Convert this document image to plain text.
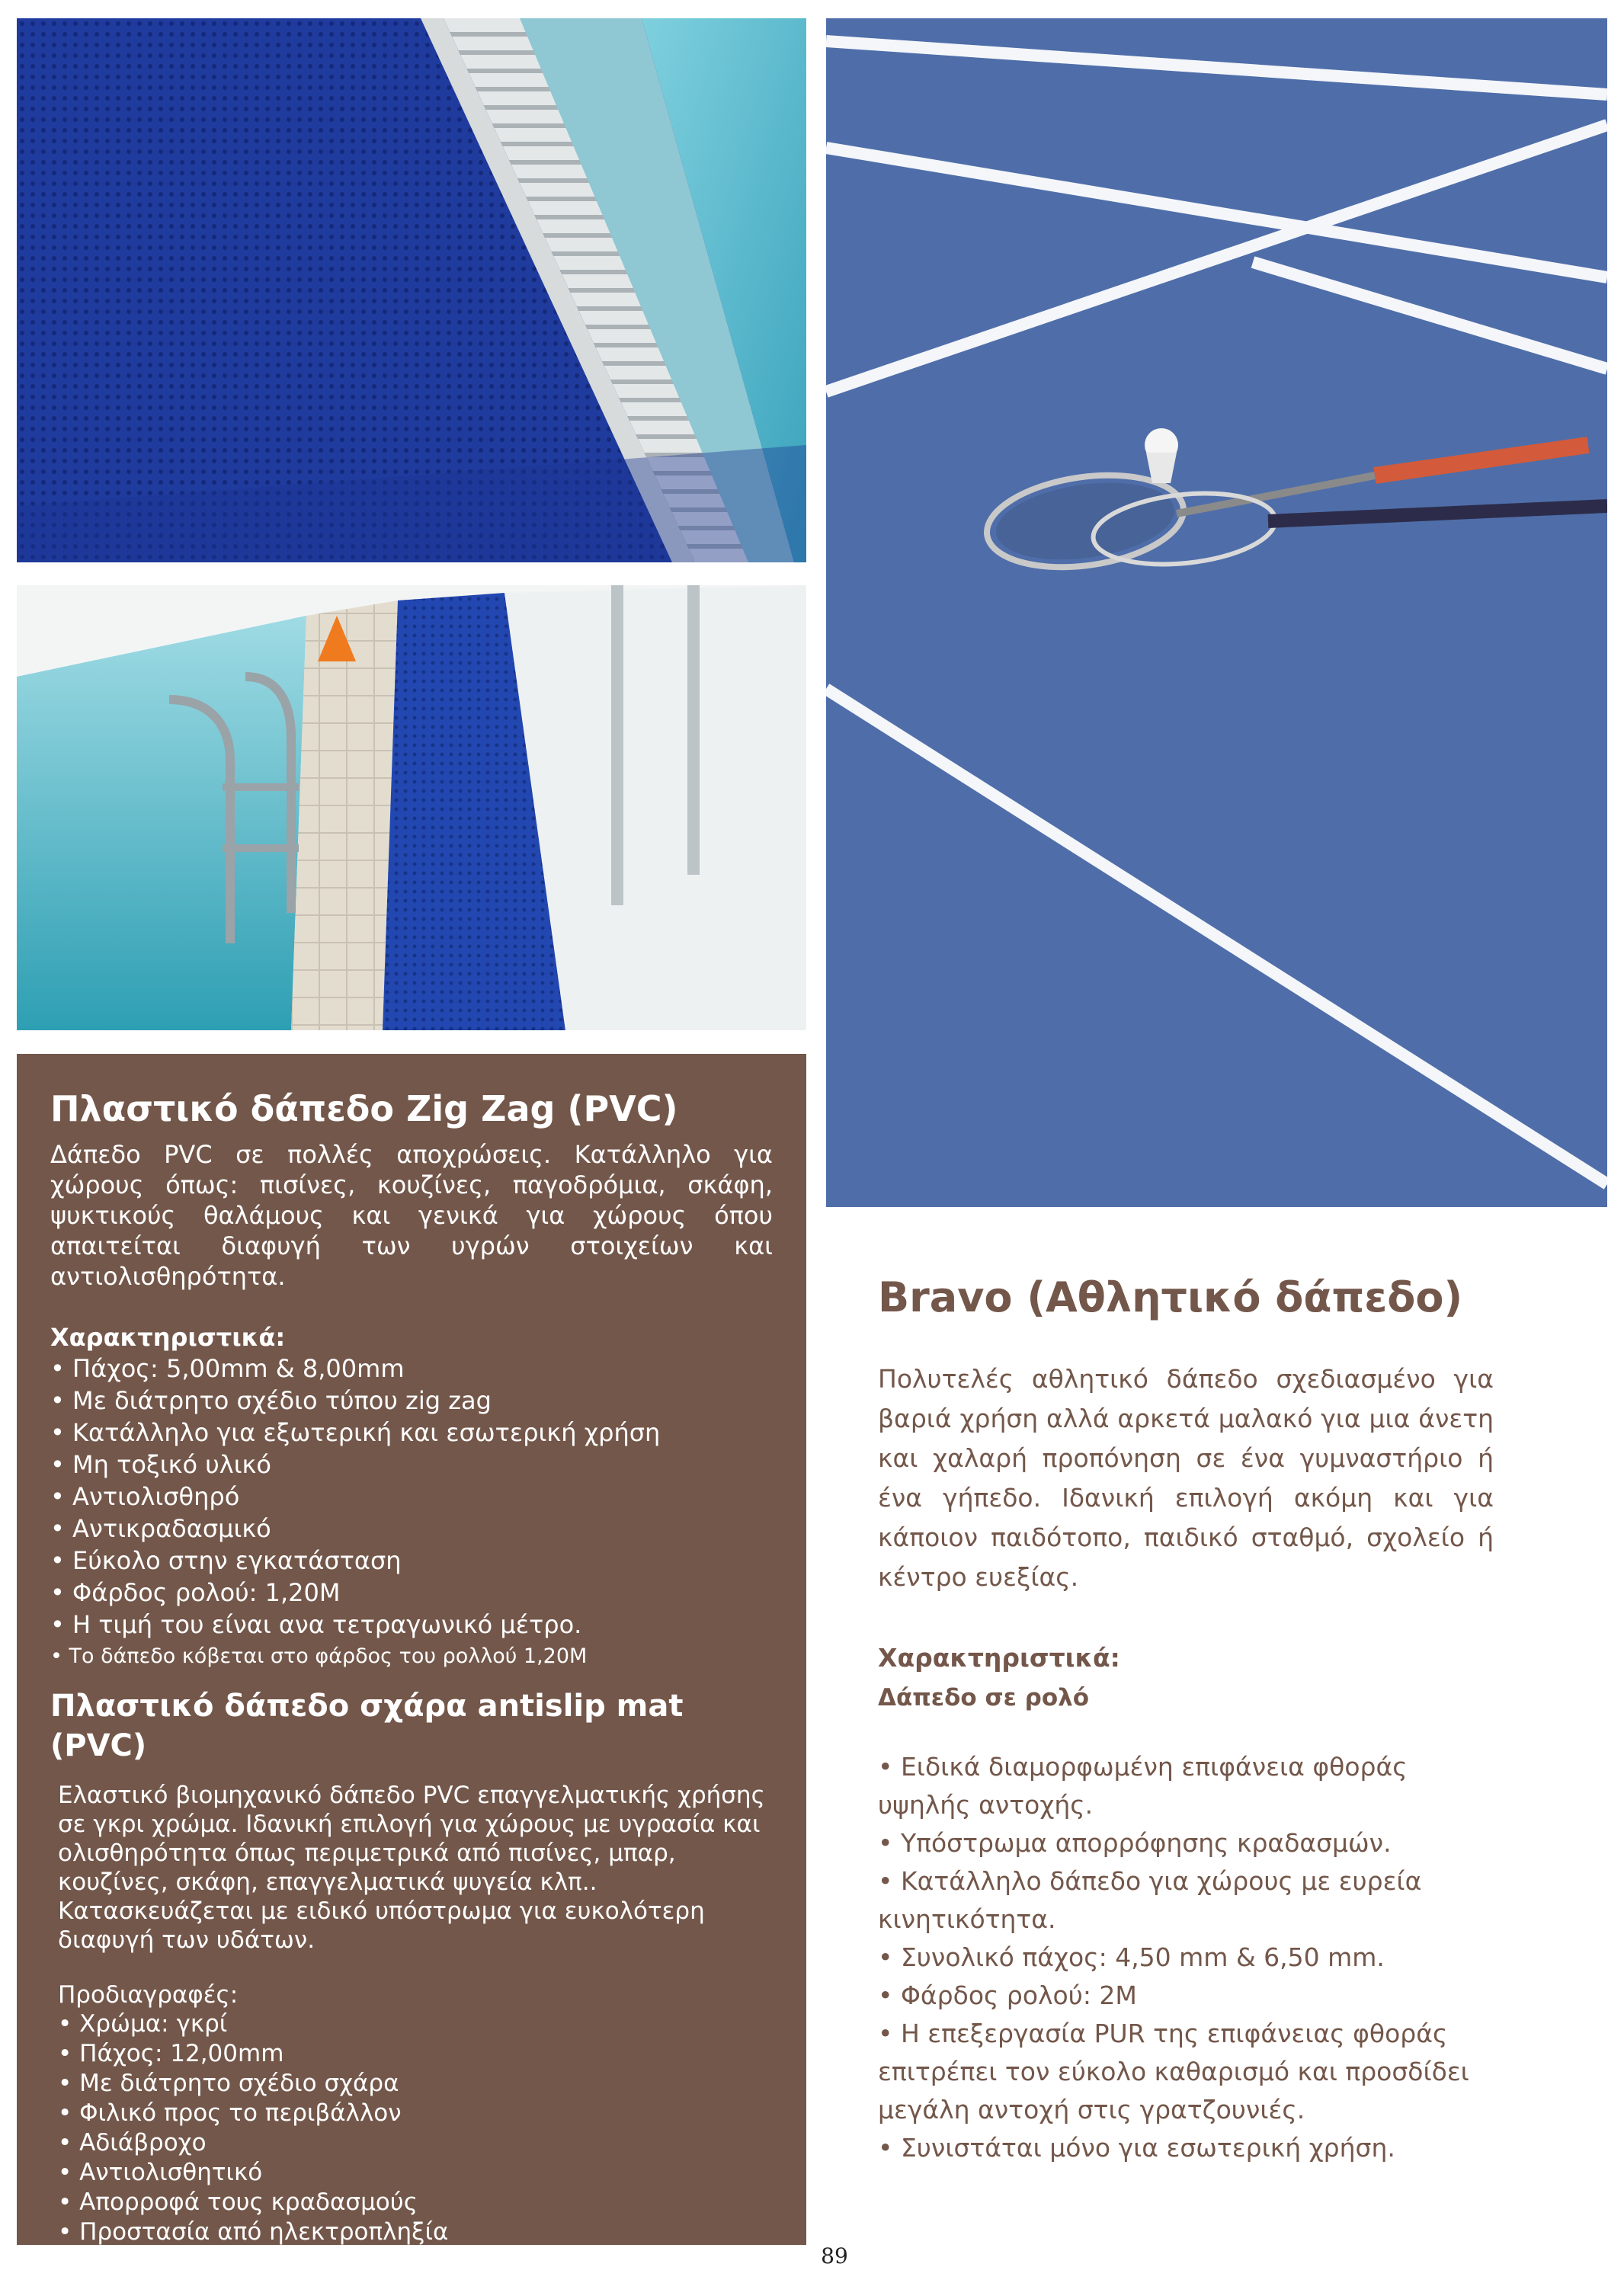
Πλαστικό δάπεδο Zig Zag (PVC)

Δάπεδο PVC σε πολλές αποχρώσεις. Κατάλληλο για χώρους όπως: πισίνες, κουζίνες, παγοδρόμια, σκάφη, ψυκτικούς θαλάμους και γενικά για χώρους όπου απαιτείται διαφυγή των υγρών στοιχείων και αντιολισθηρότητα.

Χαρακτηριστικά:
• Πάχος: 5,00mm & 8,00mm
• Με διάτρητο σχέδιο τύπου zig zag
• Κατάλληλο για εξωτερική και εσωτερική χρήση
• Μη τοξικό υλικό
• Αντιολισθηρό
• Αντικραδασμικό
• Εύκολο στην εγκατάσταση
• Φάρδος ρολού: 1,20Μ
• Η τιμή του είναι ανα τετραγωνικό μέτρο.
• Το δάπεδο κόβεται στο φάρδος του ρολλού 1,20Μ
Πλαστικό δάπεδο σχάρα antislip mat (PVC)

Ελαστικό βιομηχανικό δάπεδο PVC επαγγελματικής χρήσης σε γκρι χρώμα. Ιδανική επιλογή για χώρους με υγρασία και ολισθηρότητα όπως περιμετρικά από πισίνες, μπαρ, κουζίνες, σκάφη, επαγγελματικά ψυγεία κλπ.. Κατασκευάζεται με ειδικό υπόστρωμα για ευκολότερη διαφυγή των υδάτων.

Προδιαγραφές:
• Χρώμα: γκρί
• Πάχος: 12,00mm
• Με διάτρητο σχέδιο σχάρα
• Φιλικό προς το περιβάλλον
• Αδιάβροχο
• Αντιολισθητικό
• Απορροφά τους κραδασμούς
• Προστασία από ηλεκτροπληξία
Bravo (Αθλητικό δάπεδο)

Πολυτελές αθλητικό δάπεδο σχεδιασμένο για βαριά χρήση αλλά αρκετά μαλακό για μια άνετη και χαλαρή προπόνηση σε ένα γυμναστήριο ή ένα γήπεδο. Ιδανική επιλογή ακόμη και για κάποιον παιδότοπο, παιδικό σταθμό, σχολείο ή κέντρο ευεξίας.

Χαρακτηριστικά:
Δάπεδο σε ρολό
• Ειδικά διαμορφωμένη επιφάνεια φθοράς υψηλής αντοχής.
• Υπόστρωμα απορρόφησης κραδασμών.
• Κατάλληλο δάπεδο για χώρους με ευρεία κινητικότητα.
• Συνολικό πάχος: 4,50 mm & 6,50 mm.
• Φάρδος ρολού: 2Μ
• Η επεξεργασία PUR της επιφάνειας φθοράς επιτρέπει τον εύκολο καθαρισμό και προσδίδει μεγάλη αντοχή στις γρατζουνιές.
• Συνιστάται μόνο για εσωτερική χρήση.
89
